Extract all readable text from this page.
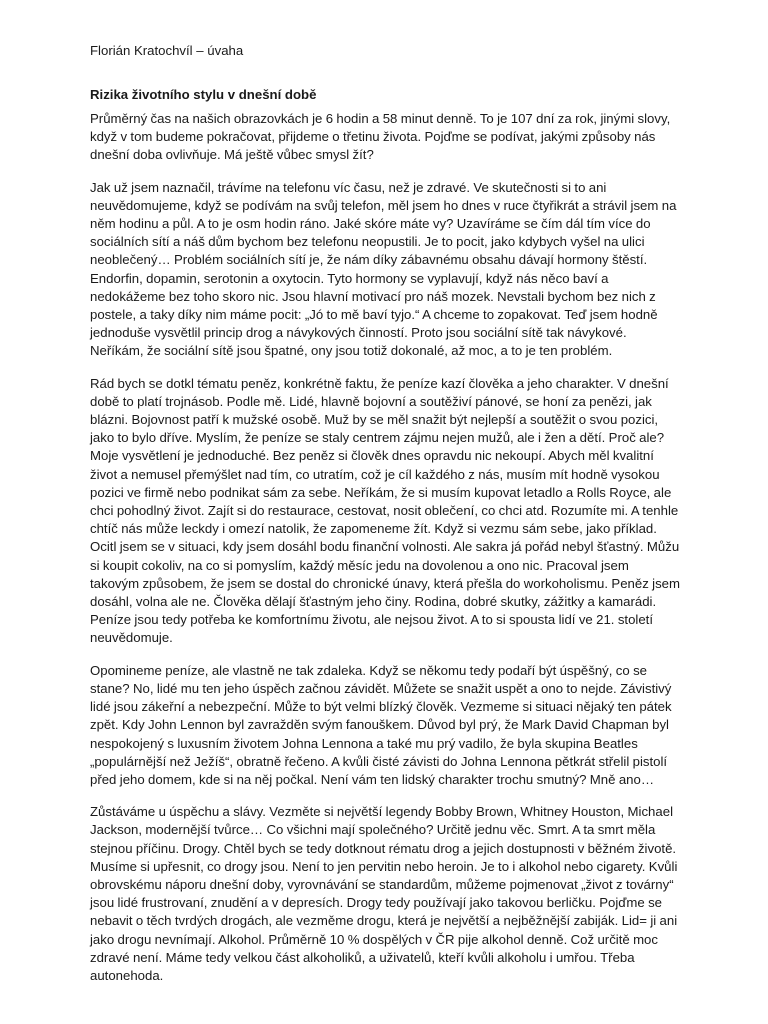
Florián Kratochvíl – úvaha
Rizika životního stylu v dnešní době

Průměrný čas na našich obrazovkách je 6 hodin a 58 minut denně. To je 107 dní za rok, jinými slovy, když v tom budeme pokračovat, přijdeme o třetinu života. Pojďme se podívat, jakými způsoby nás dnešní doba ovlivňuje. Má ještě vůbec smysl žít?

Jak už jsem naznačil, trávíme na telefonu víc času, než je zdravé. Ve skutečnosti si to ani neuvědomujeme, když se podívám na svůj telefon, měl jsem ho dnes v ruce čtyřikrát a strávil jsem na něm hodinu a půl. A to je osm hodin ráno. Jaké skóre máte vy? Uzavíráme se čím dál tím více do sociálních sítí a náš dům bychom bez telefonu neopustili. Je to pocit, jako kdybych vyšel na ulici neoblečený… Problém sociálních sítí je, že nám díky zábavnému obsahu dávají hormony štěstí. Endorfin, dopamin, serotonin a oxytocin. Tyto hormony se vyplavují, když nás něco baví a nedokážeme bez toho skoro nic. Jsou hlavní motivací pro náš mozek. Nevstali bychom bez nich z postele, a taky díky nim máme pocit: „Jó to mě baví tyjo.“ A chceme to zopakovat. Teď jsem hodně jednoduše vysvětlil princip drog a návykových činností. Proto jsou sociální sítě tak návykové. Neříkám, že sociální sítě jsou špatné, ony jsou totiž dokonalé, až moc, a to je ten problém.

Rád bych se dotkl tématu peněz, konkrétně faktu, že peníze kazí člověka a jeho charakter. V dnešní době to platí trojnásob. Podle mě. Lidé, hlavně bojovní a soutěživí pánové, se honí za penězi, jak blázni. Bojovnost patří k mužské osobě. Muž by se měl snažit být nejlepší a soutěžit o svou pozici, jako to bylo dříve. Myslím, že peníze se staly centrem zájmu nejen mužů, ale i žen a dětí. Proč ale? Moje vysvětlení je jednoduché. Bez peněz si člověk dnes opravdu nic nekoupí. Abych měl kvalitní život a nemusel přemýšlet nad tím, co utratím, což je cíl každého z nás, musím mít hodně vysokou pozici ve firmě nebo podnikat sám za sebe. Neříkám, že si musím kupovat letadlo a Rolls Royce, ale chci pohodlný život. Zajít si do restaurace, cestovat, nosit oblečení, co chci atd. Rozumíte mi. A tenhle chtíč nás může leckdy i omezí natolik, že zapomeneme žít. Když si vezmu sám sebe, jako příklad. Ocitl jsem se v situaci, kdy jsem dosáhl bodu finanční volnosti. Ale sakra já pořád nebyl šťastný. Můžu si koupit cokoliv, na co si pomyslím, každý měsíc jedu na dovolenou a ono nic. Pracoval jsem takovým způsobem, že jsem se dostal do chronické únavy, která přešla do workoholismu. Peněz jsem dosáhl, volna ale ne. Člověka dělají šťastným jeho činy. Rodina, dobré skutky, zážitky a kamarádi. Peníze jsou tedy potřeba ke komfortnímu životu, ale nejsou život. A to si spousta lidí ve 21. století neuvědomuje.

Opomineme peníze, ale vlastně ne tak zdaleka. Když se někomu tedy podaří být úspěšný, co se stane? No, lidé mu ten jeho úspěch začnou závidět. Můžete se snažit uspět a ono to nejde. Závistivý lidé jsou zákeřní a nebezpeční. Může to být velmi blízký člověk. Vezmeme si situaci nějaký ten pátek zpět. Kdy John Lennon byl zavražděn svým fanouškem. Důvod byl prý, že Mark David Chapman byl nespokojený s luxusním životem Johna Lennona a také mu prý vadilo, že byla skupina Beatles „populárnější než Ježíš“, obratně řečeno. A kvůli čisté závisti do Johna Lennona pětkrát střelil pistolí před jeho domem, kde si na něj počkal. Není vám ten lidský charakter trochu smutný? Mně ano…

Zůstáváme u úspěchu a slávy. Vezměte si největší legendy Bobby Brown, Whitney Houston, Michael Jackson, modernější tvůrce… Co všichni mají společného? Určitě jednu věc. Smrt. A ta smrt měla stejnou příčinu. Drogy. Chtěl bych se tedy dotknout rématu drog a jejich dostupnosti v běžném životě. Musíme si upřesnit, co drogy jsou. Není to jen pervitin nebo heroin. Je to i alkohol nebo cigarety. Kvůli obrovskému náporu dnešní doby, vyrovnávání se standardům, můžeme pojmenovat „život z továrny“ jsou lidé frustrovaní, znudění a v depresích. Drogy tedy používají jako takovou berličku. Pojďme se nebavit o těch tvrdých drogách, ale vezměme drogu, která je největší a nejběžnější zabiják. Lid= ji ani jako drogu nevnímají. Alkohol. Průměrně 10 % dospělých v ČR pije alkohol denně. Což určitě moc zdravé není. Máme tedy velkou část alkoholiků, a uživatelů, kteří kvůli alkoholu i umřou. Třeba autonehoda.
